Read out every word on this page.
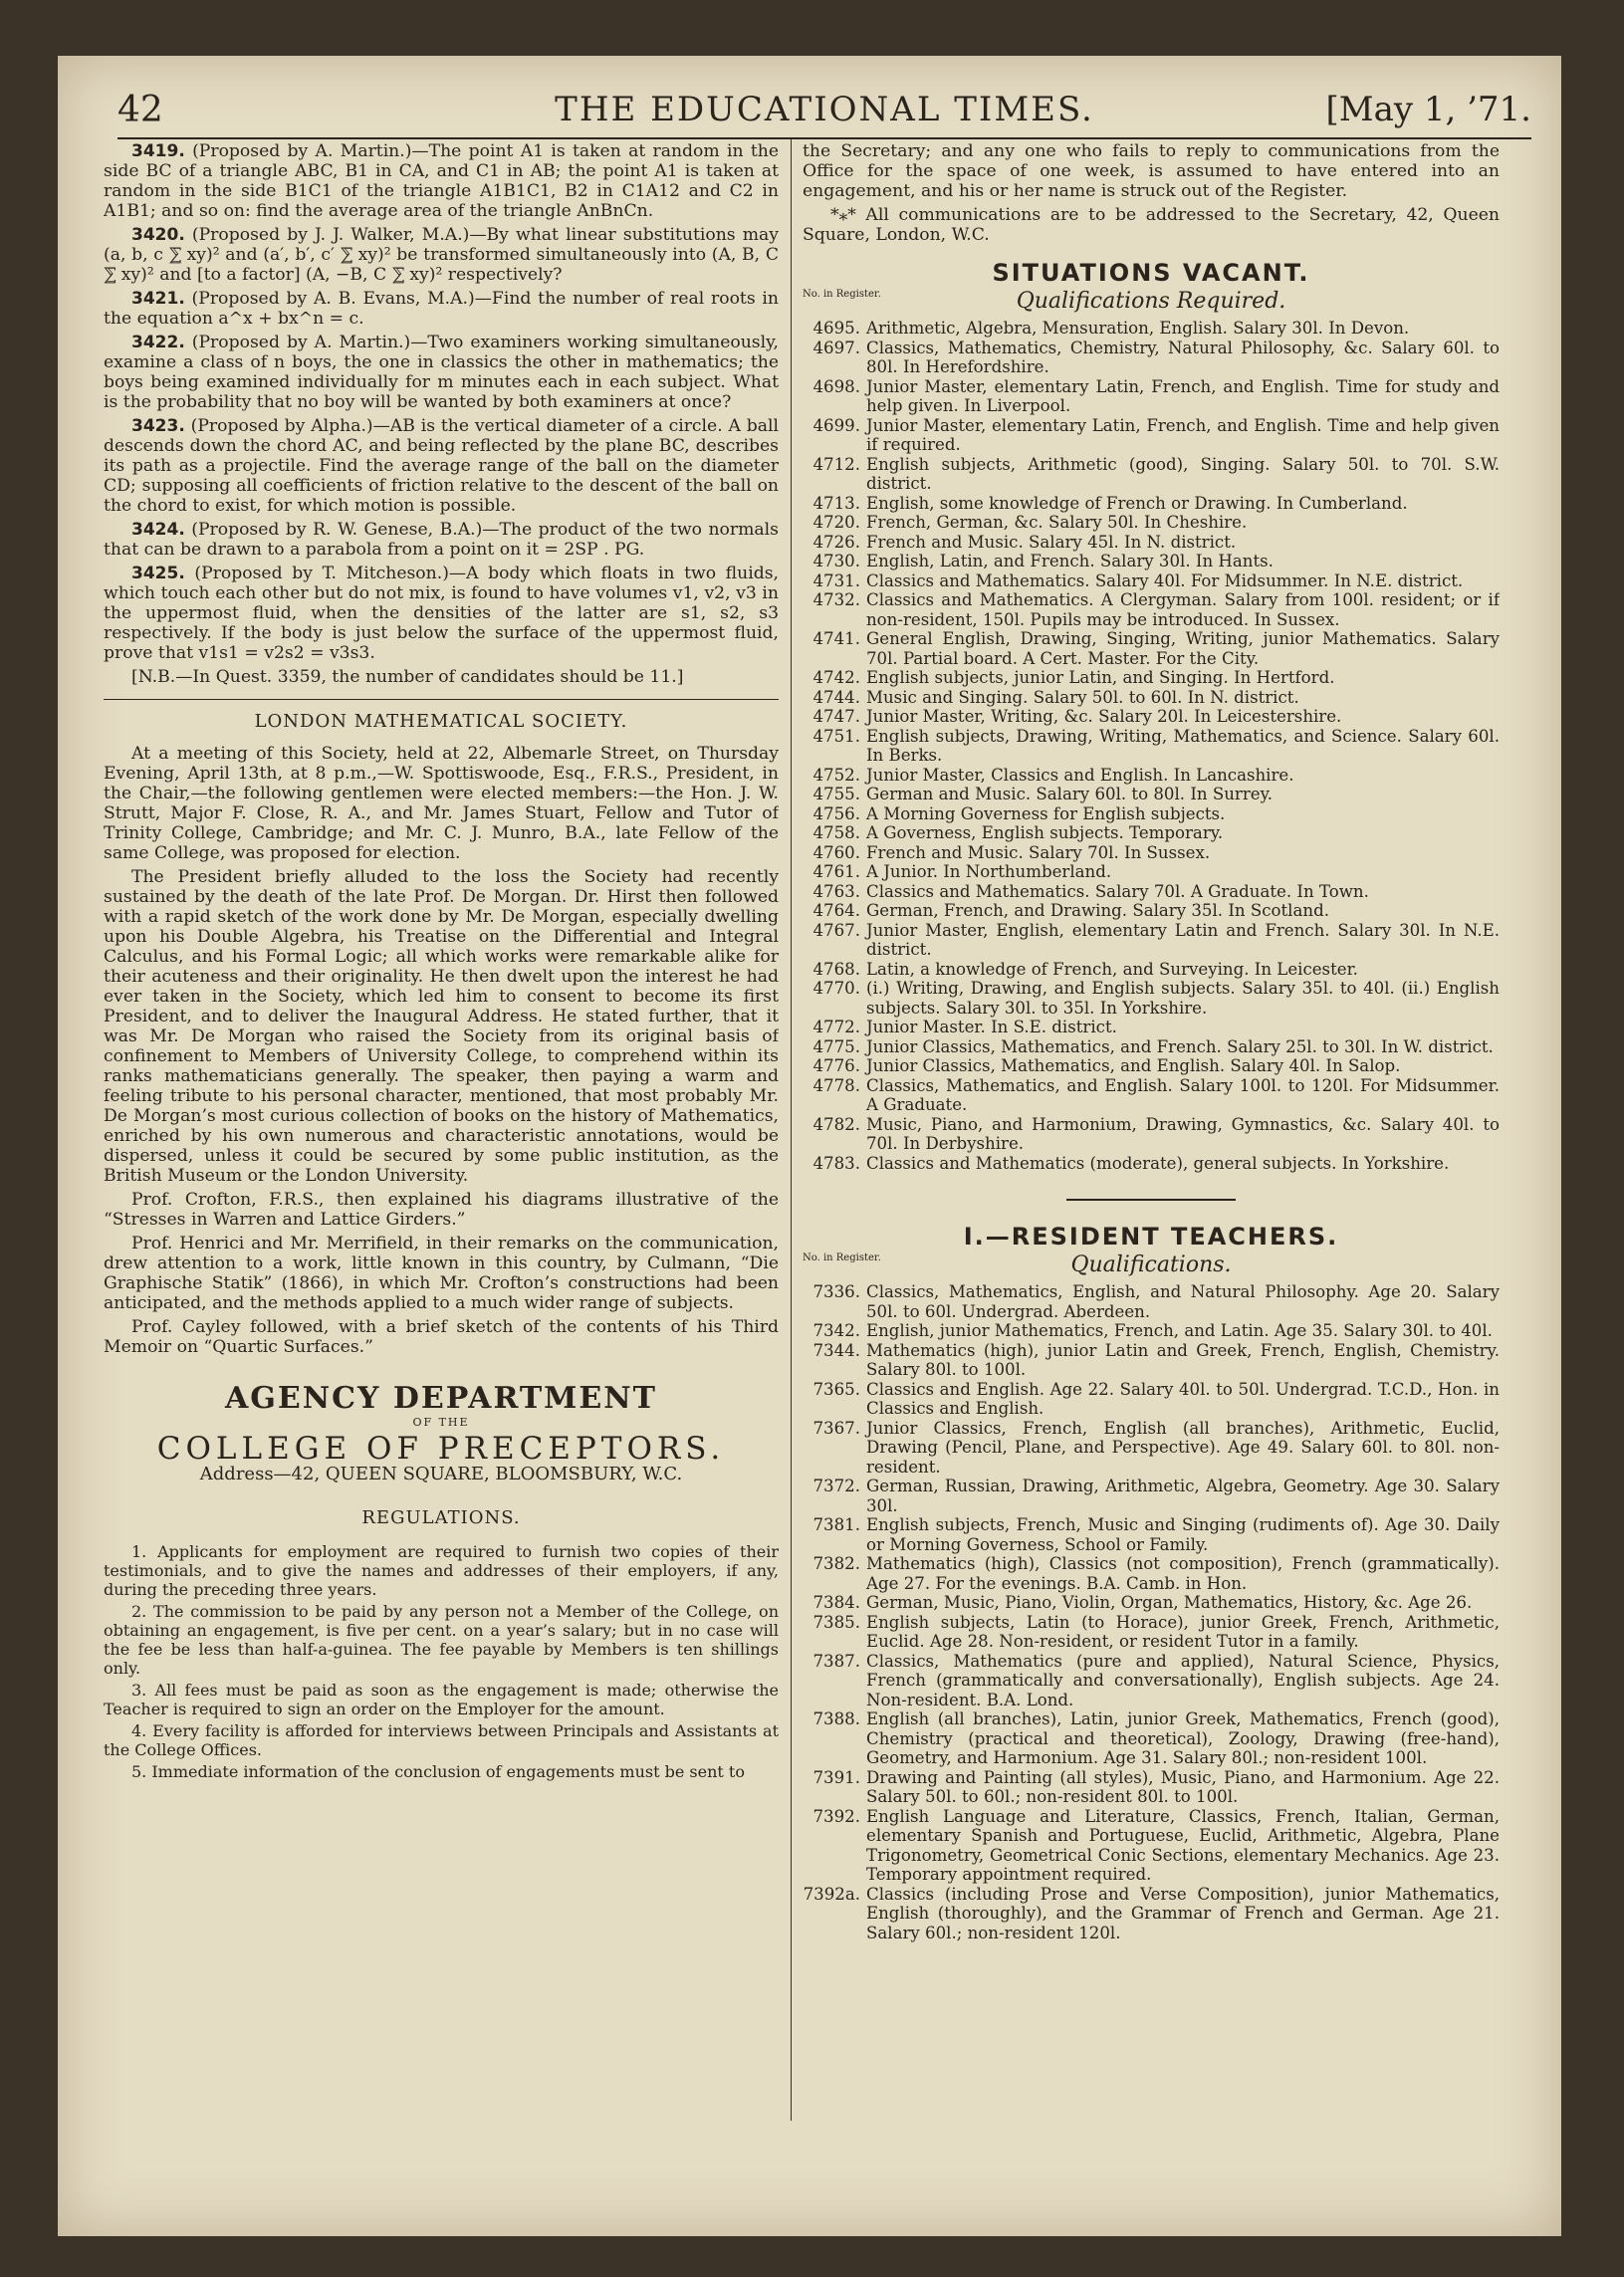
42	THE EDUCATIONAL TIMES.	[May 1, ’71.

3419. (Proposed by A. Martin.)—The point A1 is taken at random in the side BC of a triangle ABC, B1 in CA, and C1 in AB; the point A1 is taken at random in the side B1C1 of the triangle A1B1C1, B2 in C1A12 and C2 in A1B1; and so on: find the average area of the triangle AnBnCn.

3420. (Proposed by J. J. Walker, M.A.)—By what linear substitutions may (a, b, c ⅀ xy)² and (a′, b′, c′ ⅀ xy)² be transformed simultaneously into (A, B, C ⅀ xy)² and [to a factor] (A, −B, C ⅀ xy)² respectively?

3421. (Proposed by A. B. Evans, M.A.)—Find the number of real roots in the equation a^x + bx^n = c.

3422. (Proposed by A. Martin.)—Two examiners working simultaneously, examine a class of n boys, the one in classics the other in mathematics; the boys being examined individually for m minutes each in each subject. What is the probability that no boy will be wanted by both examiners at once?

3423. (Proposed by Alpha.)—AB is the vertical diameter of a circle. A ball descends down the chord AC, and being reflected by the plane BC, describes its path as a projectile. Find the average range of the ball on the diameter CD; supposing all coefficients of friction relative to the descent of the ball on the chord to exist, for which motion is possible.

3424. (Proposed by R. W. Genese, B.A.)—The product of the two normals that can be drawn to a parabola from a point on it = 2SP . PG.

3425. (Proposed by T. Mitcheson.)—A body which floats in two fluids, which touch each other but do not mix, is found to have volumes v1, v2, v3 in the uppermost fluid, when the densities of the latter are s1, s2, s3 respectively. If the body is just below the surface of the uppermost fluid, prove that v1s1 = v2s2 = v3s3.

[N.B.—In Quest. 3359, the number of candidates should be 11.]

LONDON MATHEMATICAL SOCIETY.

At a meeting of this Society, held at 22, Albemarle Street, on Thursday Evening, April 13th, at 8 p.m.,—W. Spottiswoode, Esq., F.R.S., President, in the Chair,—the following gentlemen were elected members:—the Hon. J. W. Strutt, Major F. Close, R. A., and Mr. James Stuart, Fellow and Tutor of Trinity College, Cambridge; and Mr. C. J. Munro, B.A., late Fellow of the same College, was proposed for election.

The President briefly alluded to the loss the Society had recently sustained by the death of the late Prof. De Morgan. Dr. Hirst then followed with a rapid sketch of the work done by Mr. De Morgan, especially dwelling upon his Double Algebra, his Treatise on the Differential and Integral Calculus, and his Formal Logic; all which works were remarkable alike for their acuteness and their originality. He then dwelt upon the interest he had ever taken in the Society, which led him to consent to become its first President, and to deliver the Inaugural Address. He stated further, that it was Mr. De Morgan who raised the Society from its original basis of confinement to Members of University College, to comprehend within its ranks mathematicians generally. The speaker, then paying a warm and feeling tribute to his personal character, mentioned, that most probably Mr. De Morgan’s most curious collection of books on the history of Mathematics, enriched by his own numerous and characteristic annotations, would be dispersed, unless it could be secured by some public institution, as the British Museum or the London University.

Prof. Crofton, F.R.S., then explained his diagrams illustrative of the “Stresses in Warren and Lattice Girders.”

Prof. Henrici and Mr. Merrifield, in their remarks on the communication, drew attention to a work, little known in this country, by Culmann, “Die Graphische Statik” (1866), in which Mr. Crofton’s constructions had been anticipated, and the methods applied to a much wider range of subjects.

Prof. Cayley followed, with a brief sketch of the contents of his Third Memoir on “Quartic Surfaces.”

AGENCY DEPARTMENT
OF THE
COLLEGE OF PRECEPTORS.
Address—42, QUEEN SQUARE, BLOOMSBURY, W.C.
REGULATIONS.

1. Applicants for employment are required to furnish two copies of their testimonials, and to give the names and addresses of their employers, if any, during the preceding three years.

2. The commission to be paid by any person not a Member of the College, on obtaining an engagement, is five per cent. on a year’s salary; but in no case will the fee be less than half-a-guinea. The fee payable by Members is ten shillings only.

3. All fees must be paid as soon as the engagement is made; otherwise the Teacher is required to sign an order on the Employer for the amount.

4. Every facility is afforded for interviews between Principals and Assistants at the College Offices.

5. Immediate information of the conclusion of engagements must be sent to

the Secretary; and any one who fails to reply to communications from the Office for the space of one week, is assumed to have entered into an engagement, and his or her name is struck out of the Register.

*⁎* All communications are to be addressed to the Secretary, 42, Queen Square, London, W.C.

SITUATIONS VACANT.
No. in Register.	Qualifications Required.
4695. Arithmetic, Algebra, Mensuration, English. Salary 30l. In Devon.
4697. Classics, Mathematics, Chemistry, Natural Philosophy, &c. Salary 60l. to 80l. In Herefordshire.
4698. Junior Master, elementary Latin, French, and English. Time for study and help given. In Liverpool.
4699. Junior Master, elementary Latin, French, and English. Time and help given if required.
4712. English subjects, Arithmetic (good), Singing. Salary 50l. to 70l. S.W. district.
4713. English, some knowledge of French or Drawing. In Cumberland.
4720. French, German, &c. Salary 50l. In Cheshire.
4726. French and Music. Salary 45l. In N. district.
4730. English, Latin, and French. Salary 30l. In Hants.
4731. Classics and Mathematics. Salary 40l. For Midsummer. In N.E. district.
4732. Classics and Mathematics. A Clergyman. Salary from 100l. resident; or if non-resident, 150l. Pupils may be introduced. In Sussex.
4741. General English, Drawing, Singing, Writing, junior Mathematics. Salary 70l. Partial board. A Cert. Master. For the City.
4742. English subjects, junior Latin, and Singing. In Hertford.
4744. Music and Singing. Salary 50l. to 60l. In N. district.
4747. Junior Master, Writing, &c. Salary 20l. In Leicestershire.
4751. English subjects, Drawing, Writing, Mathematics, and Science. Salary 60l. In Berks.
4752. Junior Master, Classics and English. In Lancashire.
4755. German and Music. Salary 60l. to 80l. In Surrey.
4756. A Morning Governess for English subjects.
4758. A Governess, English subjects. Temporary.
4760. French and Music. Salary 70l. In Sussex.
4761. A Junior. In Northumberland.
4763. Classics and Mathematics. Salary 70l. A Graduate. In Town.
4764. German, French, and Drawing. Salary 35l. In Scotland.
4767. Junior Master, English, elementary Latin and French. Salary 30l. In N.E. district.
4768. Latin, a knowledge of French, and Surveying. In Leicester.
4770. (i.) Writing, Drawing, and English subjects. Salary 35l. to 40l. (ii.) English subjects. Salary 30l. to 35l. In Yorkshire.
4772. Junior Master. In S.E. district.
4775. Junior Classics, Mathematics, and French. Salary 25l. to 30l. In W. district.
4776. Junior Classics, Mathematics, and English. Salary 40l. In Salop.
4778. Classics, Mathematics, and English. Salary 100l. to 120l. For Midsummer. A Graduate.
4782. Music, Piano, and Harmonium, Drawing, Gymnastics, &c. Salary 40l. to 70l. In Derbyshire.
4783. Classics and Mathematics (moderate), general subjects. In Yorkshire.
I.—RESIDENT TEACHERS.
No. in Register.	Qualifications.
7336. Classics, Mathematics, English, and Natural Philosophy. Age 20. Salary 50l. to 60l. Undergrad. Aberdeen.
7342. English, junior Mathematics, French, and Latin. Age 35. Salary 30l. to 40l.
7344. Mathematics (high), junior Latin and Greek, French, English, Chemistry. Salary 80l. to 100l.
7365. Classics and English. Age 22. Salary 40l. to 50l. Undergrad. T.C.D., Hon. in Classics and English.
7367. Junior Classics, French, English (all branches), Arithmetic, Euclid, Drawing (Pencil, Plane, and Perspective). Age 49. Salary 60l. to 80l. non-resident.
7372. German, Russian, Drawing, Arithmetic, Algebra, Geometry. Age 30. Salary 30l.
7381. English subjects, French, Music and Singing (rudiments of). Age 30. Daily or Morning Governess, School or Family.
7382. Mathematics (high), Classics (not composition), French (grammatically). Age 27. For the evenings. B.A. Camb. in Hon.
7384. German, Music, Piano, Violin, Organ, Mathematics, History, &c. Age 26.
7385. English subjects, Latin (to Horace), junior Greek, French, Arithmetic, Euclid. Age 28. Non-resident, or resident Tutor in a family.
7387. Classics, Mathematics (pure and applied), Natural Science, Physics, French (grammatically and conversationally), English subjects. Age 24. Non-resident. B.A. Lond.
7388. English (all branches), Latin, junior Greek, Mathematics, French (good), Chemistry (practical and theoretical), Zoology, Drawing (free-hand), Geometry, and Harmonium. Age 31. Salary 80l.; non-resident 100l.
7391. Drawing and Painting (all styles), Music, Piano, and Harmonium. Age 22. Salary 50l. to 60l.; non-resident 80l. to 100l.
7392. English Language and Literature, Classics, French, Italian, German, elementary Spanish and Portuguese, Euclid, Arithmetic, Algebra, Plane Trigonometry, Geometrical Conic Sections, elementary Mechanics. Age 23. Temporary appointment required.
7392a. Classics (including Prose and Verse Composition), junior Mathematics, English (thoroughly), and the Grammar of French and German. Age 21. Salary 60l.; non-resident 120l.
